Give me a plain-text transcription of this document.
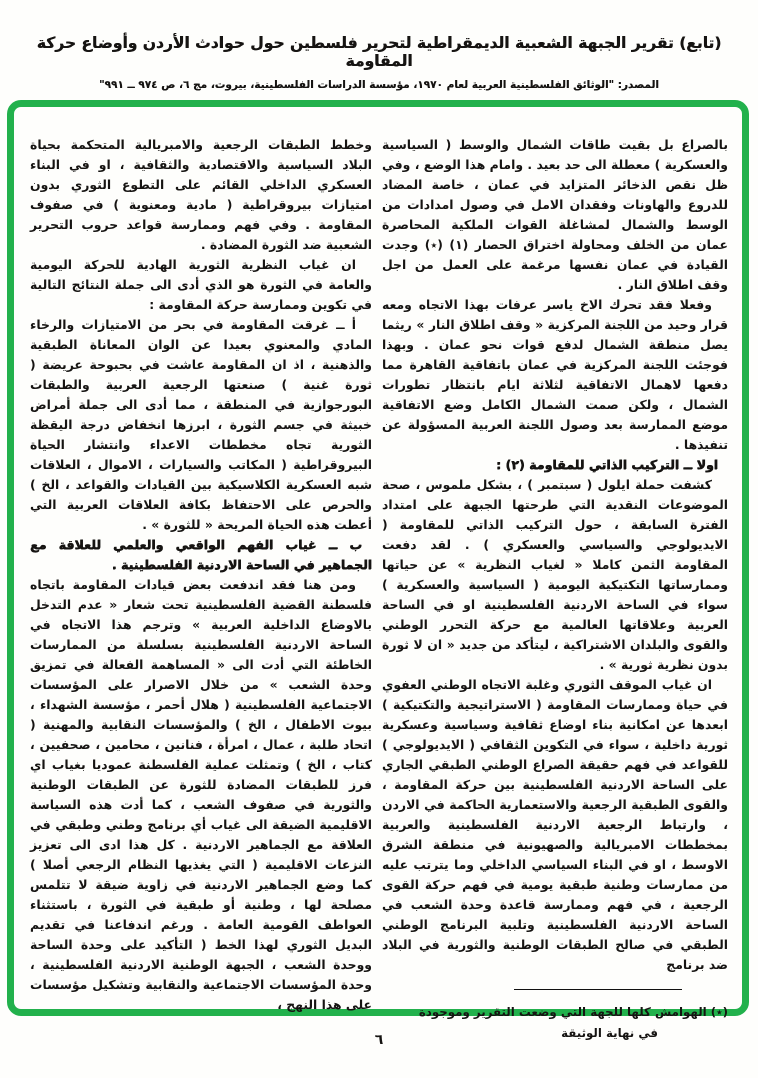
(تابع) تقرير الجبهة الشعبية الديمقراطية لتحرير فلسطين حول حوادث الأردن وأوضاع حركة المقاومة
المصدر: "الوثائق الفلسطينية العربية لعام ١٩٧٠، مؤسسة الدراسات الفلسطينية، بيروت، مج ٦، ص ٩٧٤ ــ ٩٩١"

بالصراع بل بقيت طاقات الشمال والوسط ( السياسية والعسكرية ) معطلة الى حد بعيد . وامام هذا الوضع ، وفي ظل نقص الذخائر المتزايد في عمان ، خاصة المضاد للدروع والهاونات وفقدان الامل في وصول امدادات من الوسط والشمال لمشاغلة القوات الملكية المحاصرة عمان من الخلف ومحاولة اختراق الحصار (١) (٭) وجدت القيادة في عمان نفسها مرغمة على العمل من اجل وقف اطلاق النار .

وفعلا فقد تحرك الاخ ياسر عرفات بهذا الاتجاه ومعه قرار وحيد من اللجنة المركزية « وقف اطلاق النار » ريثما يصل منطقة الشمال لدفع قوات نحو عمان . وبهذا فوجئت اللجنة المركزية في عمان باتفاقية القاهرة مما دفعها لاهمال الاتفاقية لثلاثة ايام بانتظار تطورات الشمال ، ولكن صمت الشمال الكامل وضع الاتفاقية موضع الممارسة بعد وصول اللجنة العربية المسؤولة عن تنفيذها .

اولا ــ التركيب الذاتي للمقاومة (٢) :

كشفت حملة ايلول ( سبتمبر ) ، بشكل ملموس ، صحة الموضوعات النقدية التي طرحتها الجبهة على امتداد الفترة السابقة ، حول التركيب الذاتي للمقاومة ( الايديولوجي والسياسي والعسكري ) . لقد دفعت المقاومة الثمن كاملا « لغياب النظرية » عن حياتها وممارساتها التكتيكية اليومية ( السياسية والعسكرية ) سواء في الساحة الاردنية الفلسطينية او في الساحة العربية وعلاقاتها العالمية مع حركة التحرر الوطني والقوى والبلدان الاشتراكية ، ليتأكد من جديد « ان لا ثورة بدون نظرية ثورية » .

ان غياب الموقف الثوري وغلبة الاتجاه الوطني العفوي في حياة وممارسات المقاومة ( الاستراتيجية والتكتيكية ) ابعدها عن امكانية بناء اوضاع ثقافية وسياسية وعسكرية ثورية داخلية ، سواء في التكوين الثقافي ( الايديولوجي ) للقواعد في فهم حقيقة الصراع الوطني الطبقي الجاري على الساحة الاردنية الفلسطينية بين حركة المقاومة ، والقوى الطبقية الرجعية والاستعمارية الحاكمة في الاردن ، وارتباط الرجعية الاردنية الفلسطينية والعربية بمخططات الامبريالية والصهيونية في منطقة الشرق الاوسط ، او في البناء السياسي الداخلي وما يترتب عليه من ممارسات وطنية طبقية يومية في فهم حركة القوى الرجعية ، في فهم وممارسة قاعدة وحدة الشعب في الساحة الاردنية الفلسطينية وتلبية البرنامج الوطني الطبقي في صالح الطبقات الوطنية والثورية في البلاد ضد برنامج

(٭) الهوامش كلها للجهة التي وضعت التقرير وموجودة

في نهاية الوثيقة

وخطط الطبقات الرجعية والامبريالية المتحكمة بحياة البلاد السياسية والاقتصادية والثقافية ، او في البناء العسكري الداخلي القائم على التطوع الثوري بدون امتيازات بيروقراطية ( مادية ومعنوية ) في صفوف المقاومة . وفي فهم وممارسة قواعد حروب التحرير الشعبية ضد الثورة المضادة .

ان غياب النظرية الثورية الهادية للحركة اليومية والعامة في الثورة هو الذي أدى الى جملة النتائج التالية في تكوين وممارسة حركة المقاومة :

أ ــ غرقت المقاومة في بحر من الامتيازات والرخاء المادي والمعنوي بعيدا عن الوان المعاناة الطبقية والذهنية ، اذ ان المقاومة عاشت في بحبوحة عريضة ( ثورة غنية ) صنعتها الرجعية العربية والطبقات البورجوازية في المنطقة ، مما أدى الى جملة أمراض خبيثة في جسم الثورة ، ابرزها انخفاض درجة اليقظة الثورية تجاه مخططات الاعداء وانتشار الحياة البيروقراطية ( المكاتب والسيارات ، الاموال ، العلاقات شبه العسكرية الكلاسيكية بين القيادات والقواعد ، الخ ) والحرص على الاحتفاظ بكافة العلاقات العربية التي أعطت هذه الحياة المريحة « للثورة » .

ب ــ غياب الفهم الواقعي والعلمي للعلاقة مع الجماهير في الساحة الاردنية الفلسطينية .

ومن هنا فقد اندفعت بعض قيادات المقاومة باتجاه فلسطنة القضية الفلسطينية تحت شعار « عدم التدخل بالاوضاع الداخلية العربية » وترجم هذا الاتجاه في الساحة الاردنية الفلسطينية بسلسلة من الممارسات الخاطئة التي أدت الى « المساهمة الفعالة في تمزيق وحدة الشعب » من خلال الاصرار على المؤسسات الاجتماعية الفلسطينية ( هلال أحمر ، مؤسسة الشهداء ، بيوت الاطفال ، الخ ) والمؤسسات النقابية والمهنية ( اتحاد طلبة ، عمال ، امرأة ، فنانين ، محامين ، صحفيين ، كتاب ، الخ ) وتمثلت عملية الفلسطنة عموديا بغياب اي فرز للطبقات المضادة للثورة عن الطبقات الوطنية والثورية في صفوف الشعب ، كما أدت هذه السياسة الاقليمية الضيقة الى غياب أي برنامج وطني وطبقي في العلاقة مع الجماهير الاردنية . كل هذا ادى الى تعزيز النزعات الاقليمية ( التي يغذيها النظام الرجعي أصلا ) كما وضع الجماهير الاردنية في زاوية ضيقة لا تتلمس مصلحة لها ، وطنية أو طبقية في الثورة ، باستثناء العواطف القومية العامة . ورغم اندفاعنا في تقديم البديل الثوري لهذا الخط ( التأكيد على وحدة الساحة ووحدة الشعب ، الجبهة الوطنية الاردنية الفلسطينية ، وحدة المؤسسات الاجتماعية والنقابية وتشكيل مؤسسات على هذا النهج ،

٦
